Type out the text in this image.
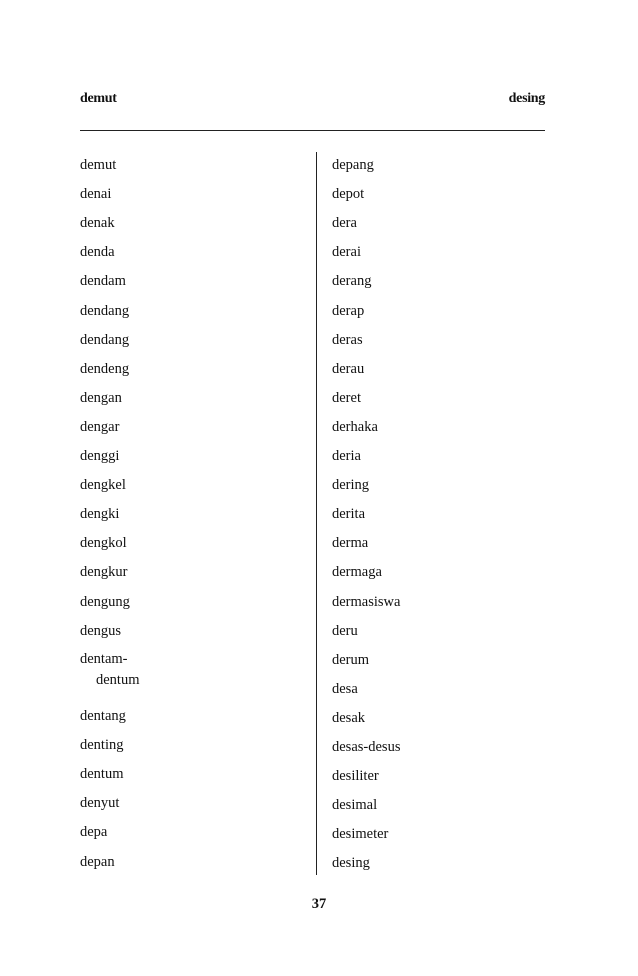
demut	desing
demut
denai
denak
denda
dendam
dendang
dendang
dendeng
dengan
dengar
denggi
dengkel
dengki
dengkol
dengkur
dengung
dengus
dentam-
dentum
dentang
denting
dentum
denyut
depa
depan
depang
depot
dera
derai
derang
derap
deras
derau
deret
derhaka
deria
dering
derita
derma
dermaga
dermasiswa
deru
derum
desa
desak
desas-desus
desiliter
desimal
desimeter
desing
37
